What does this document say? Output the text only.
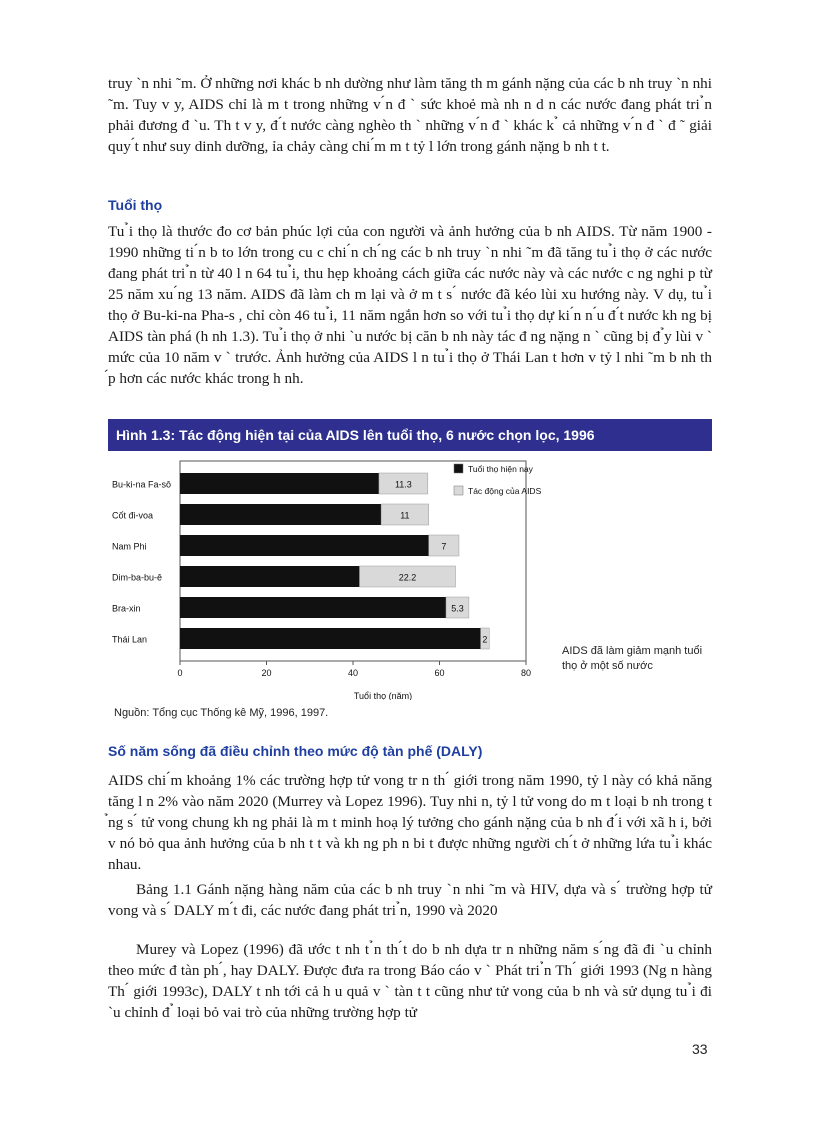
truy ˋn nhi ˜m. Ở những nơi khác b nh dường như làm tăng th m gánh nặng của các b nh truy ˋn nhi ˜m. Tuy v y, AIDS chỉ là m t trong những v ́n đ ˋ sức khoẻ mà nh n d n các nước đang phát tri ̉n phải đương đ ˋu. Th t v y, đ ́t nước càng nghèo th ˋ những v ́n đ ˋ khác k ̉ cả những v ́n đ ˋ đ ˜ giải quy ́t như suy dinh dưỡng, ỉa chảy càng chi ́m m t tỷ l lớn trong gánh nặng b nh t t.

Tuổi thọ

Tu ̉i thọ là thước đo cơ bản phúc lợi của con người và ảnh hưởng của b nh AIDS. Từ năm 1900 - 1990 những ti ́n b to lớn trong cu c chi ́n ch ́ng các b nh truy ˋn nhi ˜m đã tăng tu ̉i thọ ở các nước đang phát tri ̉n từ 40 l n 64 tu ̉i, thu hẹp khoảng cách giữa các nước này và các nước c ng nghi p từ 25 năm xu ́ng 13 năm. AIDS đã làm ch m lại và ở m t s ́ nước đã kéo lùi xu hướng này. V dụ, tu ̉i thọ ở Bu-ki-na Pha-s , chỉ còn 46 tu ̉i, 11 năm ngắn hơn so với tu ̉i thọ dự ki ́n n ́u đ ́t nước kh ng bị AIDS tàn phá (h nh 1.3). Tu ̉i thọ ở nhi ˋu nước bị căn b nh này tác đ ng nặng n ˋ cũng bị đ ̉y lùi v ˋ mức của 10 năm v ˋ trước. Ảnh hưởng của AIDS l n tu ̉i thọ ở Thái Lan t hơn v tỷ l nhi ˜m b nh th ́p hơn các nước khác trong h nh.

Hình 1.3: Tác động hiện tại của AIDS lên tuổi thọ, 6 nước chọn lọc, 1996
Bu-ki-na Fa-sô	11.3
Cốt đi-voa	11
Nam Phi	7
Dim-ba-bu-ê	22.2
Bra-xin	5.3
Thái Lan	2
0	20	40	60	80
Tuổi thọ (năm)
Tuổi thọ hiện nay
Tác động của AIDS

AIDS đã làm giảm mạnh tuổi thọ ở một số nước

Nguồn: Tổng cục Thống kê Mỹ, 1996, 1997.

Số năm sống đã điều chỉnh theo mức độ tàn phế (DALY)

AIDS chi ́m khoảng 1% các trường hợp tử vong tr n th ́ giới trong năm 1990, tỷ l này có khả năng tăng l n 2% vào năm 2020 (Murrey và Lopez 1996). Tuy nhi n, tỷ l tử vong do m t loại b nh trong t ̉ng s ́ tử vong chung kh ng phải là m t minh hoạ lý tưởng cho gánh nặng của b nh đ ́i với xã h i, bởi v nó bỏ qua ảnh hưởng của b nh t t và kh ng ph n bi t được những người ch ́t ở những lứa tu ̉i khác nhau.

Bảng 1.1 Gánh nặng hàng năm của các b nh truy ˋn nhi ˜m và HIV, dựa và s ́ trường hợp tử vong và s ́ DALY m ́t đi, các nước đang phát tri ̉n, 1990 và 2020

Murey và Lopez (1996) đã ước t nh t ̉n th ́t do b nh dựa tr n những năm s ́ng đã đi ˋu chỉnh theo mức đ tàn ph ́, hay DALY. Được đưa ra trong Báo cáo v ˋ Phát tri ̉n Th ́ giới 1993 (Ng n hàng Th ́ giới 1993c), DALY t nh tới cả h u quả v ˋ tàn t t cũng như tử vong của b nh và sử dụng tu ̉i đi ˋu chỉnh đ ̉ loại bỏ vai trò của những trường hợp tử

33
